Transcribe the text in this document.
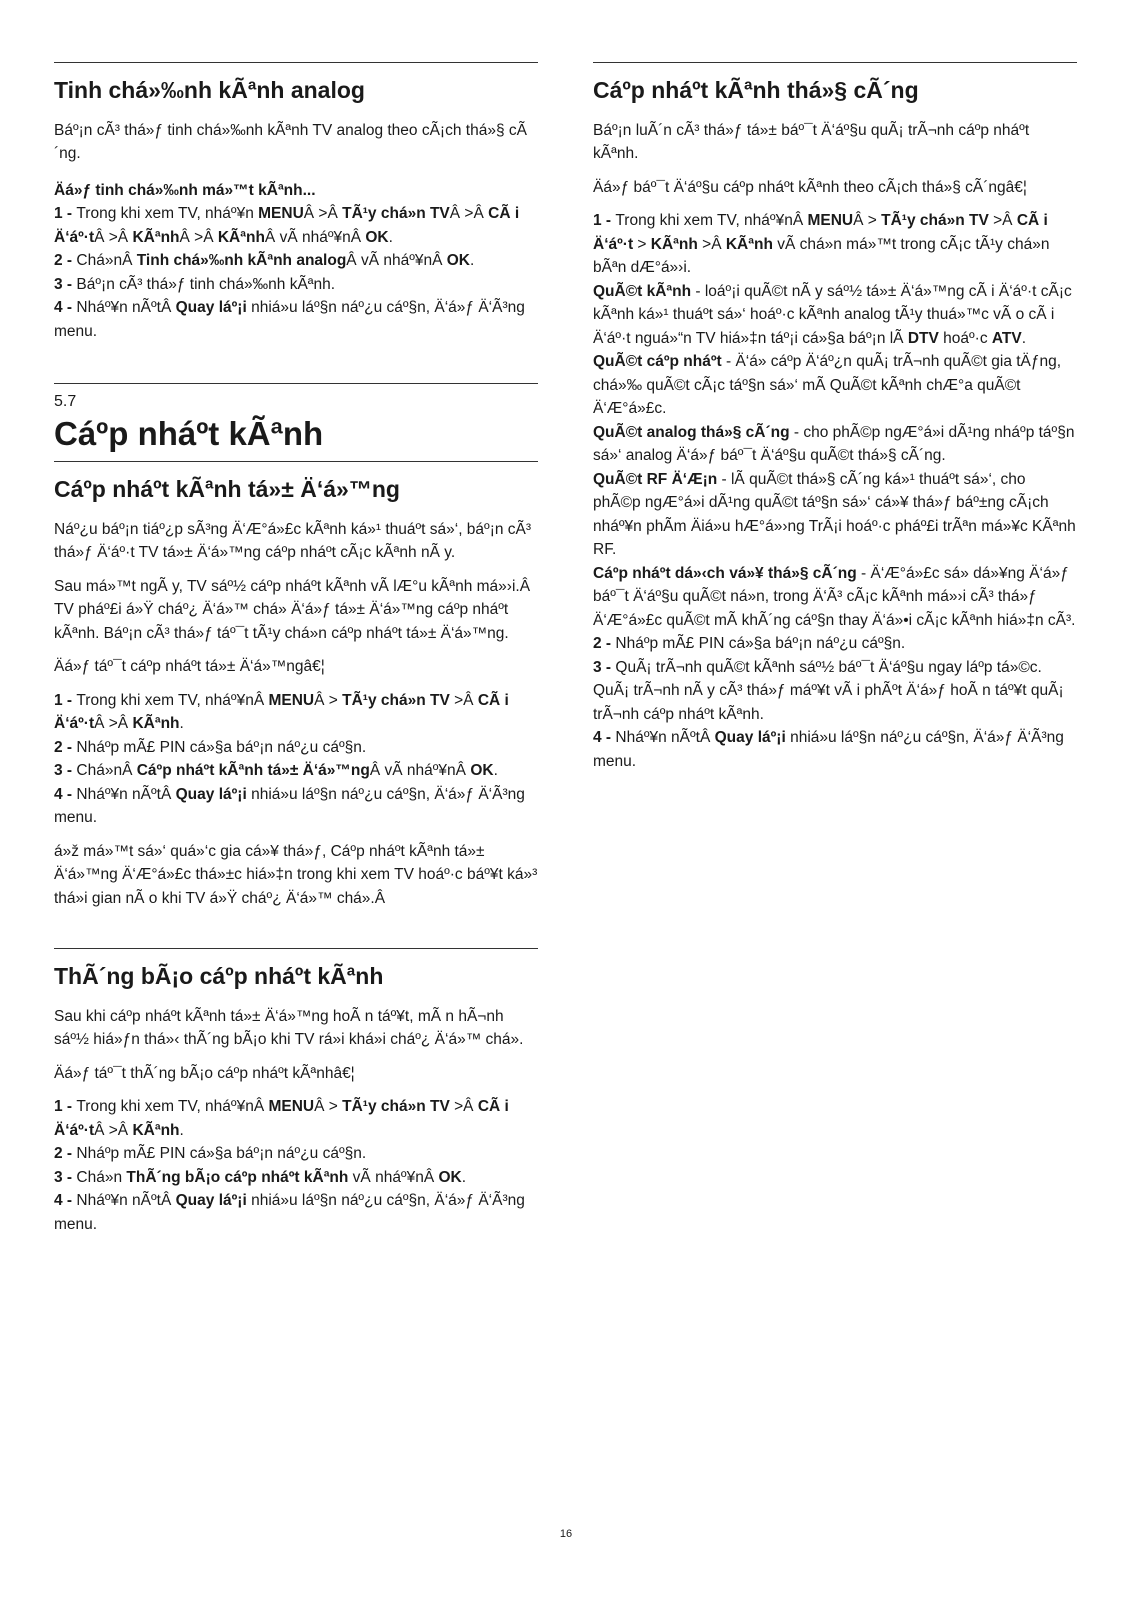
Tinh chá»‰nh kÃªnh analog

Báº¡n cÃ³ thá»ƒ tinh chá»‰nh kÃªnh TV analog theo cÃ¡ch thá»§ cÃ´ng.

Äá»ƒ tinh chá»‰nh má»™t kÃªnh...

1 - Trong khi xem TV, nháº¥n MENUÂ >Â TÃ¹y chá»n TVÂ >Â CÃ i Ä‘áº·tÂ >Â KÃªnhÂ >Â KÃªnhÂ vÃ nháº¥nÂ OK.

2 - Chá»nÂ Tinh chá»‰nh kÃªnh analogÂ vÃ nháº¥nÂ OK.

3 - Báº¡n cÃ³ thá»ƒ tinh chá»‰nh kÃªnh.

4 - Nháº¥n nÃºtÂ Quay láº¡i nhiá»u láº§n náº¿u cáº§n, Ä‘á»ƒ Ä‘Ã³ng menu.

5.7

Cáºp nháºt kÃªnh
Cáºp nháºt kÃªnh tá»± Ä‘á»™ng

Náº¿u báº¡n tiáº¿p sÃ³ng Ä‘Æ°á»£c kÃªnh ká»¹ thuáºt sá»‘, báº¡n cÃ³ thá»ƒ Ä‘áº·t TV tá»± Ä‘á»™ng cáºp nháºt cÃ¡c kÃªnh nÃ y.

Sau má»™t ngÃ y, TV sáº½ cáºp nháºt kÃªnh vÃ lÆ°u kÃªnh má»›i.Â TV pháº£i á»Ÿ cháº¿ Ä‘á»™ chá» Ä‘á»ƒ tá»± Ä‘á»™ng cáºp nháºt kÃªnh. Báº¡n cÃ³ thá»ƒ táº¯t tÃ¹y chá»n cáºp nháºt tá»± Ä‘á»™ng.

Äá»ƒ táº¯t cáºp nháºt tá»± Ä‘á»™ngâ€¦

1 - Trong khi xem TV, nháº¥nÂ MENUÂ > TÃ¹y chá»n TV >Â CÃ i Ä‘áº·tÂ >Â KÃªnh.

2 - Nháºp mÃ£ PIN cá»§a báº¡n náº¿u cáº§n.

3 - Chá»nÂ Cáºp nháºt kÃªnh tá»± Ä‘á»™ngÂ vÃ nháº¥nÂ OK.

4 - Nháº¥n nÃºtÂ Quay láº¡i nhiá»u láº§n náº¿u cáº§n, Ä‘á»ƒ Ä‘Ã³ng menu.

á»ž má»™t sá»‘ quá»‘c gia cá»¥ thá»ƒ, Cáºp nháºt kÃªnh tá»± Ä‘á»™ng Ä‘Æ°á»£c thá»±c hiá»‡n trong khi xem TV hoáº·c báº¥t ká»³ thá»i gian nÃ o khi TV á»Ÿ cháº¿ Ä‘á»™ chá».Â

ThÃ´ng bÃ¡o cáºp nháºt kÃªnh

Sau khi cáºp nháºt kÃªnh tá»± Ä‘á»™ng hoÃ n táº¥t, mÃ n hÃ¬nh sáº½ hiá»ƒn thá»‹ thÃ´ng bÃ¡o khi TV rá»i khá»i cháº¿ Ä‘á»™ chá».

Äá»ƒ táº¯t thÃ´ng bÃ¡o cáºp nháºt kÃªnhâ€¦

1 - Trong khi xem TV, nháº¥nÂ MENUÂ > TÃ¹y chá»n TV >Â CÃ i Ä‘áº·tÂ >Â KÃªnh.

2 - Nháºp mÃ£ PIN cá»§a báº¡n náº¿u cáº§n.

3 - Chá»n ThÃ´ng bÃ¡o cáºp nháºt kÃªnh vÃ nháº¥nÂ OK.

4 - Nháº¥n nÃºtÂ Quay láº¡i nhiá»u láº§n náº¿u cáº§n, Ä‘á»ƒ Ä‘Ã³ng menu.

Cáºp nháºt kÃªnh thá»§ cÃ´ng

Báº¡n luÃ´n cÃ³ thá»ƒ tá»± báº¯t Ä‘áº§u quÃ¡ trÃ¬nh cáºp nháºt kÃªnh.

Äá»ƒ báº¯t Ä‘áº§u cáºp nháºt kÃªnh theo cÃ¡ch thá»§ cÃ´ngâ€¦

1 - Trong khi xem TV, nháº¥nÂ MENUÂ > TÃ¹y chá»n TV >Â CÃ i Ä‘áº·t > KÃªnh >Â KÃªnh vÃ chá»n má»™t trong cÃ¡c tÃ¹y chá»n bÃªn dÆ°á»›i.

QuÃ©t kÃªnh - loáº¡i quÃ©t nÃ y sáº½ tá»± Ä‘á»™ng cÃ i Ä‘áº·t cÃ¡c kÃªnh ká»¹ thuáºt sá»‘ hoáº·c kÃªnh analog tÃ¹y thuá»™c vÃ o cÃ i Ä‘áº·t nguá»“n TV hiá»‡n táº¡i cá»§a báº¡n lÃ DTV hoáº·c ATV.

QuÃ©t cáºp nháºt - Ä‘á» cáºp Ä‘áº¿n quÃ¡ trÃ¬nh quÃ©t gia tÄƒng, chá»‰ quÃ©t cÃ¡c táº§n sá»‘ mÃ QuÃ©t kÃªnh chÆ°a quÃ©t Ä‘Æ°á»£c.

QuÃ©t analog thá»§ cÃ´ng - cho phÃ©p ngÆ°á»i dÃ¹ng nháºp táº§n sá»‘ analog Ä‘á»ƒ báº¯t Ä‘áº§u quÃ©t thá»§ cÃ´ng.

QuÃ©t RF Ä‘Æ¡n - lÃ quÃ©t thá»§ cÃ´ng ká»¹ thuáºt sá»‘, cho phÃ©p ngÆ°á»i dÃ¹ng quÃ©t táº§n sá»‘ cá»¥ thá»ƒ báº±ng cÃ¡ch nháº¥n phÃm Äiá»u hÆ°á»›ng TrÃ¡i hoáº·c pháº£i trÃªn má»¥c KÃªnh RF.

Cáºp nháºt dá»‹ch vá»¥ thá»§ cÃ´ng - Ä‘Æ°á»£c sá» dá»¥ng Ä‘á»ƒ báº¯t Ä‘áº§u quÃ©t ná»n, trong Ä‘Ã³ cÃ¡c kÃªnh má»›i cÃ³ thá»ƒ Ä‘Æ°á»£c quÃ©t mÃ khÃ´ng cáº§n thay Ä‘á»•i cÃ¡c kÃªnh hiá»‡n cÃ³.

2 - Nháºp mÃ£ PIN cá»§a báº¡n náº¿u cáº§n.

3 - QuÃ¡ trÃ¬nh quÃ©t kÃªnh sáº½ báº¯t Ä‘áº§u ngay láºp tá»©c. QuÃ¡ trÃ¬nh nÃ y cÃ³ thá»ƒ máº¥t vÃ i phÃºt Ä‘á»ƒ hoÃ n táº¥t quÃ¡ trÃ¬nh cáºp nháºt kÃªnh.

4 - Nháº¥n nÃºtÂ Quay láº¡i nhiá»u láº§n náº¿u cáº§n, Ä‘á»ƒ Ä‘Ã³ng menu.

16
